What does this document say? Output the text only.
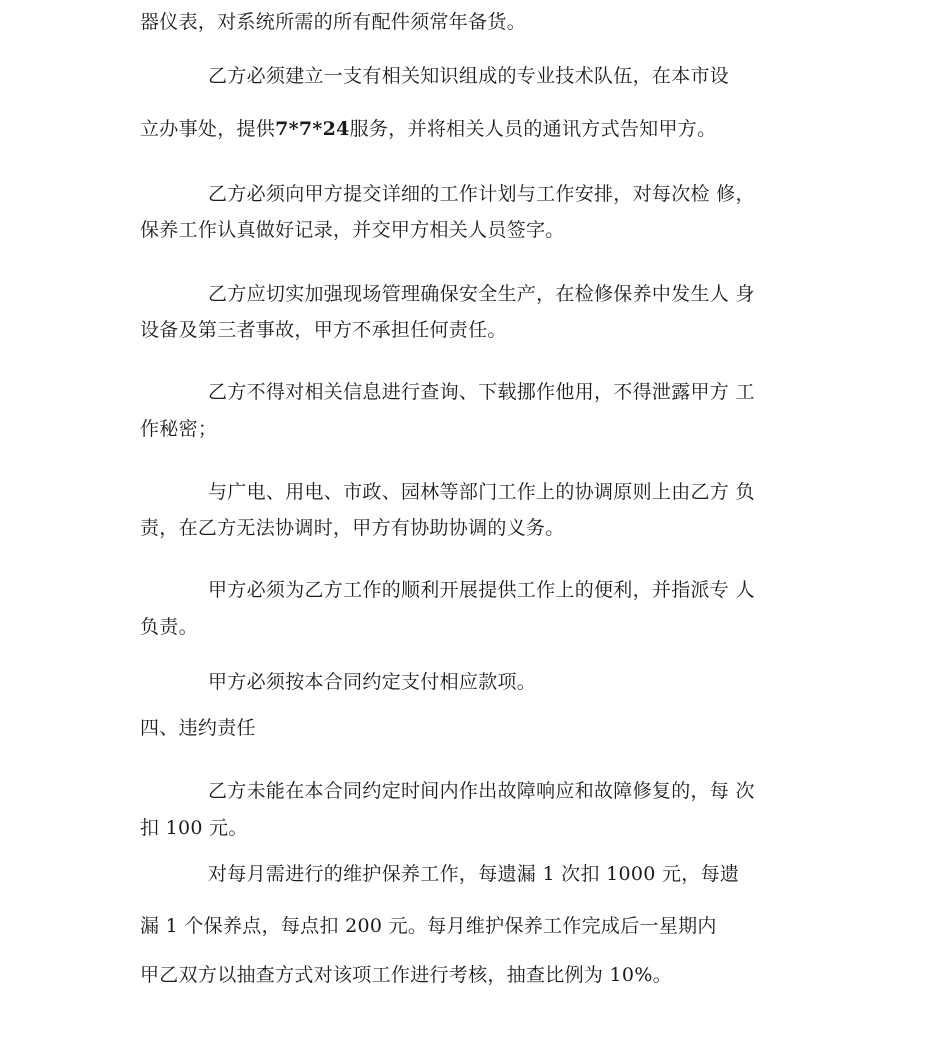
器仪表，对系统所需的所有配件须常年备货。
乙方必须建立一支有相关知识组成的专业技术队伍，在本市设
立办事处，提供7*7*24服务，并将相关人员的通讯方式告知甲方。
乙方必须向甲方提交详细的工作计划与工作安排，对每次检 修，
保养工作认真做好记录，并交甲方相关人员签字。
乙方应切实加强现场管理确保安全生产，在检修保养中发生人 身
设备及第三者事故，甲方不承担任何责任。
乙方不得对相关信息进行查询、下载挪作他用，不得泄露甲方 工
作秘密；
与广电、用电、市政、园林等部门工作上的协调原则上由乙方 负
责，在乙方无法协调时，甲方有协助协调的义务。
甲方必须为乙方工作的顺利开展提供工作上的便利，并指派专 人
负责。
甲方必须按本合同约定支付相应款项。
四、违约责任
乙方未能在本合同约定时间内作出故障响应和故障修复的，每 次
扣 100 元。
对每月需进行的维护保养工作，每遗漏 1 次扣 1000 元，每遗
漏 1 个保养点，每点扣 200 元。每月维护保养工作完成后一星期内
甲乙双方以抽查方式对该项工作进行考核，抽查比例为 10%。
